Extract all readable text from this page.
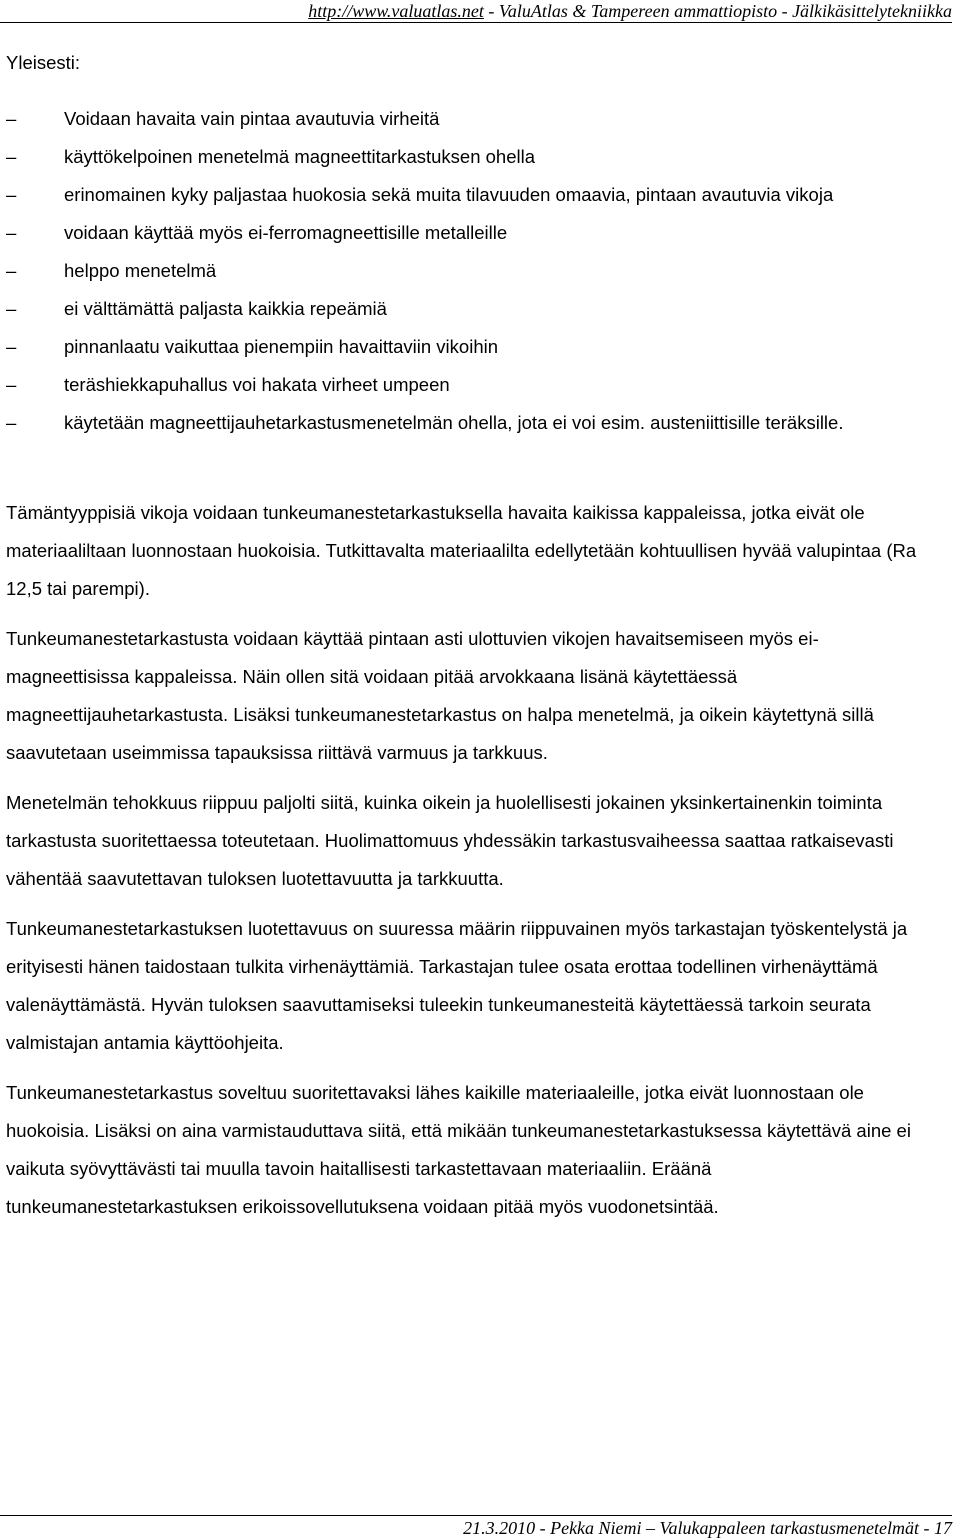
http://www.valuatlas.net - ValuAtlas & Tampereen ammattiopisto - Jälkikäsittelytekniikka

Yleisesti:

–	Voidaan havaita vain pintaa avautuvia virheitä
–	käyttökelpoinen menetelmä magneettitarkastuksen ohella
–	erinomainen kyky paljastaa huokosia sekä muita tilavuuden omaavia, pintaan avautuvia vikoja
–	voidaan käyttää myös ei-ferromagneettisille metalleille
–	helppo menetelmä
–	ei välttämättä paljasta kaikkia repeämiä
–	pinnanlaatu vaikuttaa pienempiin havaittaviin vikoihin
–	teräshiekkapuhallus voi hakata virheet umpeen
–	käytetään magneettijauhetarkastusmenetelmän ohella, jota ei voi esim. austeniittisille teräksille.

Tämäntyyppisiä vikoja voidaan tunkeumanestetarkastuksella havaita kaikissa kappaleissa, jotka eivät ole materiaaliltaan luonnostaan huokoisia. Tutkittavalta materiaalilta edellytetään kohtuullisen hyvää valupintaa (Ra 12,5 tai parempi).

Tunkeumanestetarkastusta voidaan käyttää pintaan asti ulottuvien vikojen havaitsemiseen myös ei-magneettisissa kappaleissa. Näin ollen sitä voidaan pitää arvokkaana lisänä käytettäessä magneettijauhetarkastusta. Lisäksi tunkeumanestetarkastus on halpa menetelmä, ja oikein käytettynä sillä saavutetaan useimmissa tapauksissa riittävä varmuus ja tarkkuus.

Menetelmän tehokkuus riippuu paljolti siitä, kuinka oikein ja huolellisesti jokainen yksinkertainenkin toiminta tarkastusta suoritettaessa toteutetaan. Huolimattomuus yhdessäkin tarkastusvaiheessa saattaa ratkaisevasti vähentää saavutettavan tuloksen luotettavuutta ja tarkkuutta.

Tunkeumanestetarkastuksen luotettavuus on suuressa määrin riippuvainen myös tarkastajan työskentelystä ja erityisesti hänen taidostaan tulkita virhenäyttämiä. Tarkastajan tulee osata erottaa todellinen virhenäyttämä valenäyttämästä. Hyvän tuloksen saavuttamiseksi tuleekin tunkeumanesteitä käytettäessä tarkoin seurata valmistajan antamia käyttöohjeita.

Tunkeumanestetarkastus soveltuu suoritettavaksi lähes kaikille materiaaleille, jotka eivät luonnostaan ole huokoisia. Lisäksi on aina varmistauduttava siitä, että mikään tunkeumanestetarkastuksessa käytettävä aine ei vaikuta syövyttävästi tai muulla tavoin haitallisesti tarkastettavaan materiaaliin. Eräänä tunkeumanestetarkastuksen erikoissovellutuksena voidaan pitää myös vuodonetsintää.

21.3.2010 - Pekka Niemi – Valukappaleen tarkastusmenetelmät - 17
